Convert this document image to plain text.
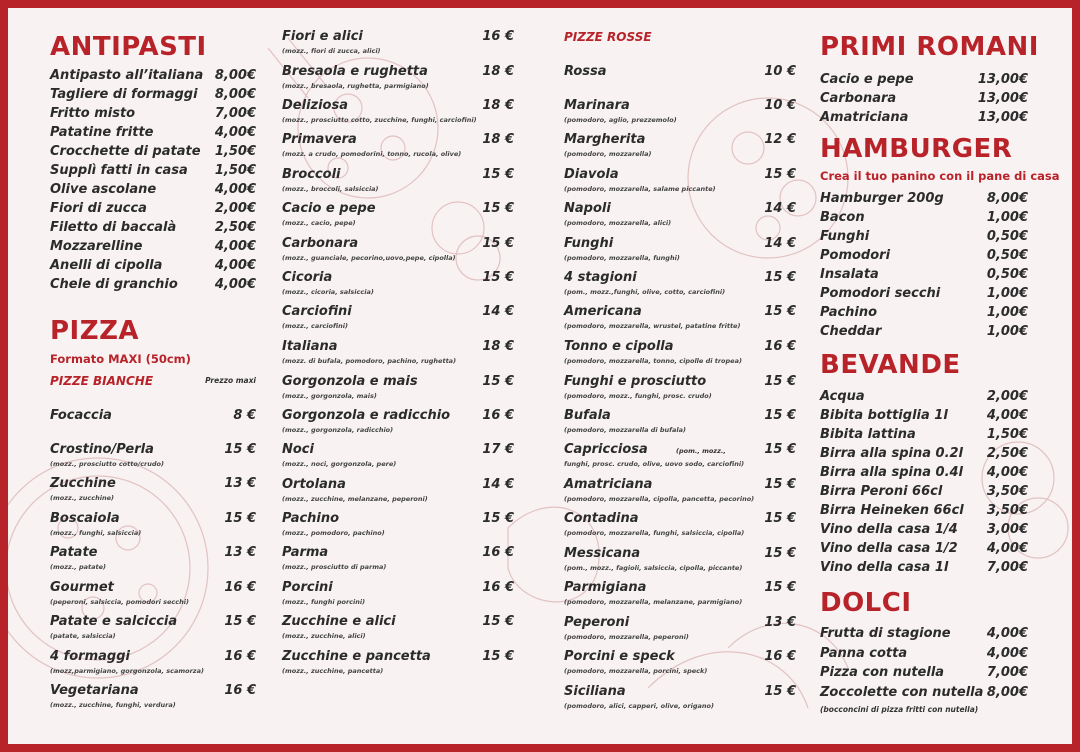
ANTIPASTI
Antipasto all’italiana 8,00€
Tagliere di formaggi 8,00€
Fritto misto	7,00€
Patatine fritte	4,00€
Crocchette di patate 1,50€
Supplì fatti in casa 1,50€
Olive ascolane	4,00€
Fiori di zucca	2,00€
Filetto di baccalà	2,50€
Mozzarelline	4,00€
Anelli di cipolla	4,00€
Chele di granchio	4,00€
PIZZA
Formato MAXI (50cm)
PIZZE BIANCHE	Prezzo maxi
Focaccia	8 €
Crostino/Perla	15 €
(mozz., prosciutto cotto/crudo)
Zucchine	13 €
(mozz., zucchine)
Boscaiola	15 €
(mozz., funghi, salsiccia)
Patate	13 €
(mozz., patate)
Gourmet	16 €
(peperoni, salsiccia, pomodori secchi)
Patate e salciccia	15 €
(patate, salsiccia)
4 formaggi	16 €
(mozz,parmigiano, gorgonzola, scamorza)
Vegetariana	16 €
(mozz., zucchine, funghi, verdura)
Fiori e alici	16 €
(mozz., fiori di zucca, alici)
Bresaola e rughetta	18 €
(mozz., bresaola, rughetta, parmigiano)
Deliziosa	18 €
(mozz., prosciutto cotto, zucchine, funghi, carciofini)
Primavera	18 €
(mozz. a crudo, pomodorini, tonno, rucola, olive)
Broccoli	15 €
(mozz., broccoli, salsiccia)
Cacio e pepe	15 €
(mozz., cacio, pepe)
Carbonara	15 €
(mozz., guanciale, pecorino,uovo,pepe, cipolla)
Cicoria	15 €
(mozz., cicoria, salsiccia)
Carciofini	14 €
(mozz., carciofini)
Italiana	18 €
(mozz. di bufala, pomodoro, pachino, rughetta)
Gorgonzola e mais	15 €
(mozz., gorgonzola, mais)
Gorgonzola e radicchio 16 €
(mozz., gorgonzola, radicchio)
Noci	17 €
(mozz., noci, gorgonzola, pere)
Ortolana	14 €
(mozz., zucchine, melanzane, peperoni)
Pachino	15 €
(mozz., pomodoro, pachino)
Parma	16 €
(mozz., prosciutto di parma)
Porcini	16 €
(mozz., funghi porcini)
Zucchine e alici	15 €
(mozz., zucchine, alici)
Zucchine e pancetta	15 €
(mozz., zucchine, pancetta)
PIZZE ROSSE
Rossa	10 €
Marinara	10 €
(pomodoro, aglio, prezzemolo)
Margherita	12 €
(pomodoro, mozzarella)
Diavola	15 €
(pomodoro, mozzarella, salame piccante)
Napoli	14 €
(pomodoro, mozzarella, alici)
Funghi	14 €
(pomodoro, mozzarella, funghi)
4 stagioni	15 €
(pom., mozz.,funghi, olive, cotto, carciofini)
Americana	15 €
(pomodoro, mozzarella, wrustel, patatine fritte)
Tonno e cipolla	16 €
(pomodoro, mozzarella, tonno, cipolle di tropea)
Funghi e prosciutto	15 €
(pomodoro, mozz., funghi, prosc. crudo)
Bufala	15 €
(pomodoro, mozzarella di bufala)
Capricciosa	(pom., mozz.,	15 €
funghi, prosc. crudo, olive, uovo sodo, carciofini)
Amatriciana	15 €
(pomodoro, mozzarella, cipolla, pancetta, pecorino)
Contadina	15 €
(pomodoro, mozzarella, funghi, salsiccia, cipolla)
Messicana	15 €
(pom., mozz., fagioli, salsiccia, cipolla, piccante)
Parmigiana	15 €
(pomodoro, mozzarella, melanzane, parmigiano)
Peperoni	13 €
(pomodoro, mozzarella, peperoni)
Porcini e speck	16 €
(pomodoro, mozzarella, porcini, speck)
Siciliana	15 €
(pomodoro, alici, capperi, olive, origano)
PRIMI ROMANI
Cacio e pepe	13,00€
Carbonara	13,00€
Amatriciana	13,00€
HAMBURGER
Crea il tuo panino con il pane di casa
Hamburger 200g	8,00€
Bacon	1,00€
Funghi	0,50€
Pomodori	0,50€
Insalata	0,50€
Pomodori secchi	1,00€
Pachino	1,00€
Cheddar	1,00€
BEVANDE
Acqua	2,00€
Bibita bottiglia 1l	4,00€
Bibita lattina	1,50€
Birra alla spina 0.2l 2,50€
Birra alla spina 0.4l 4,00€
Birra Peroni 66cl	3,50€
Birra Heineken 66cl 3,50€
Vino della casa 1/4 3,00€
Vino della casa 1/2 4,00€
Vino della casa 1l	7,00€
DOLCI
Frutta di stagione	4,00€
Panna cotta	4,00€
Pizza con nutella	7,00€
Zoccolette con nutella 8,00€
(bocconcini di pizza fritti con nutella)
